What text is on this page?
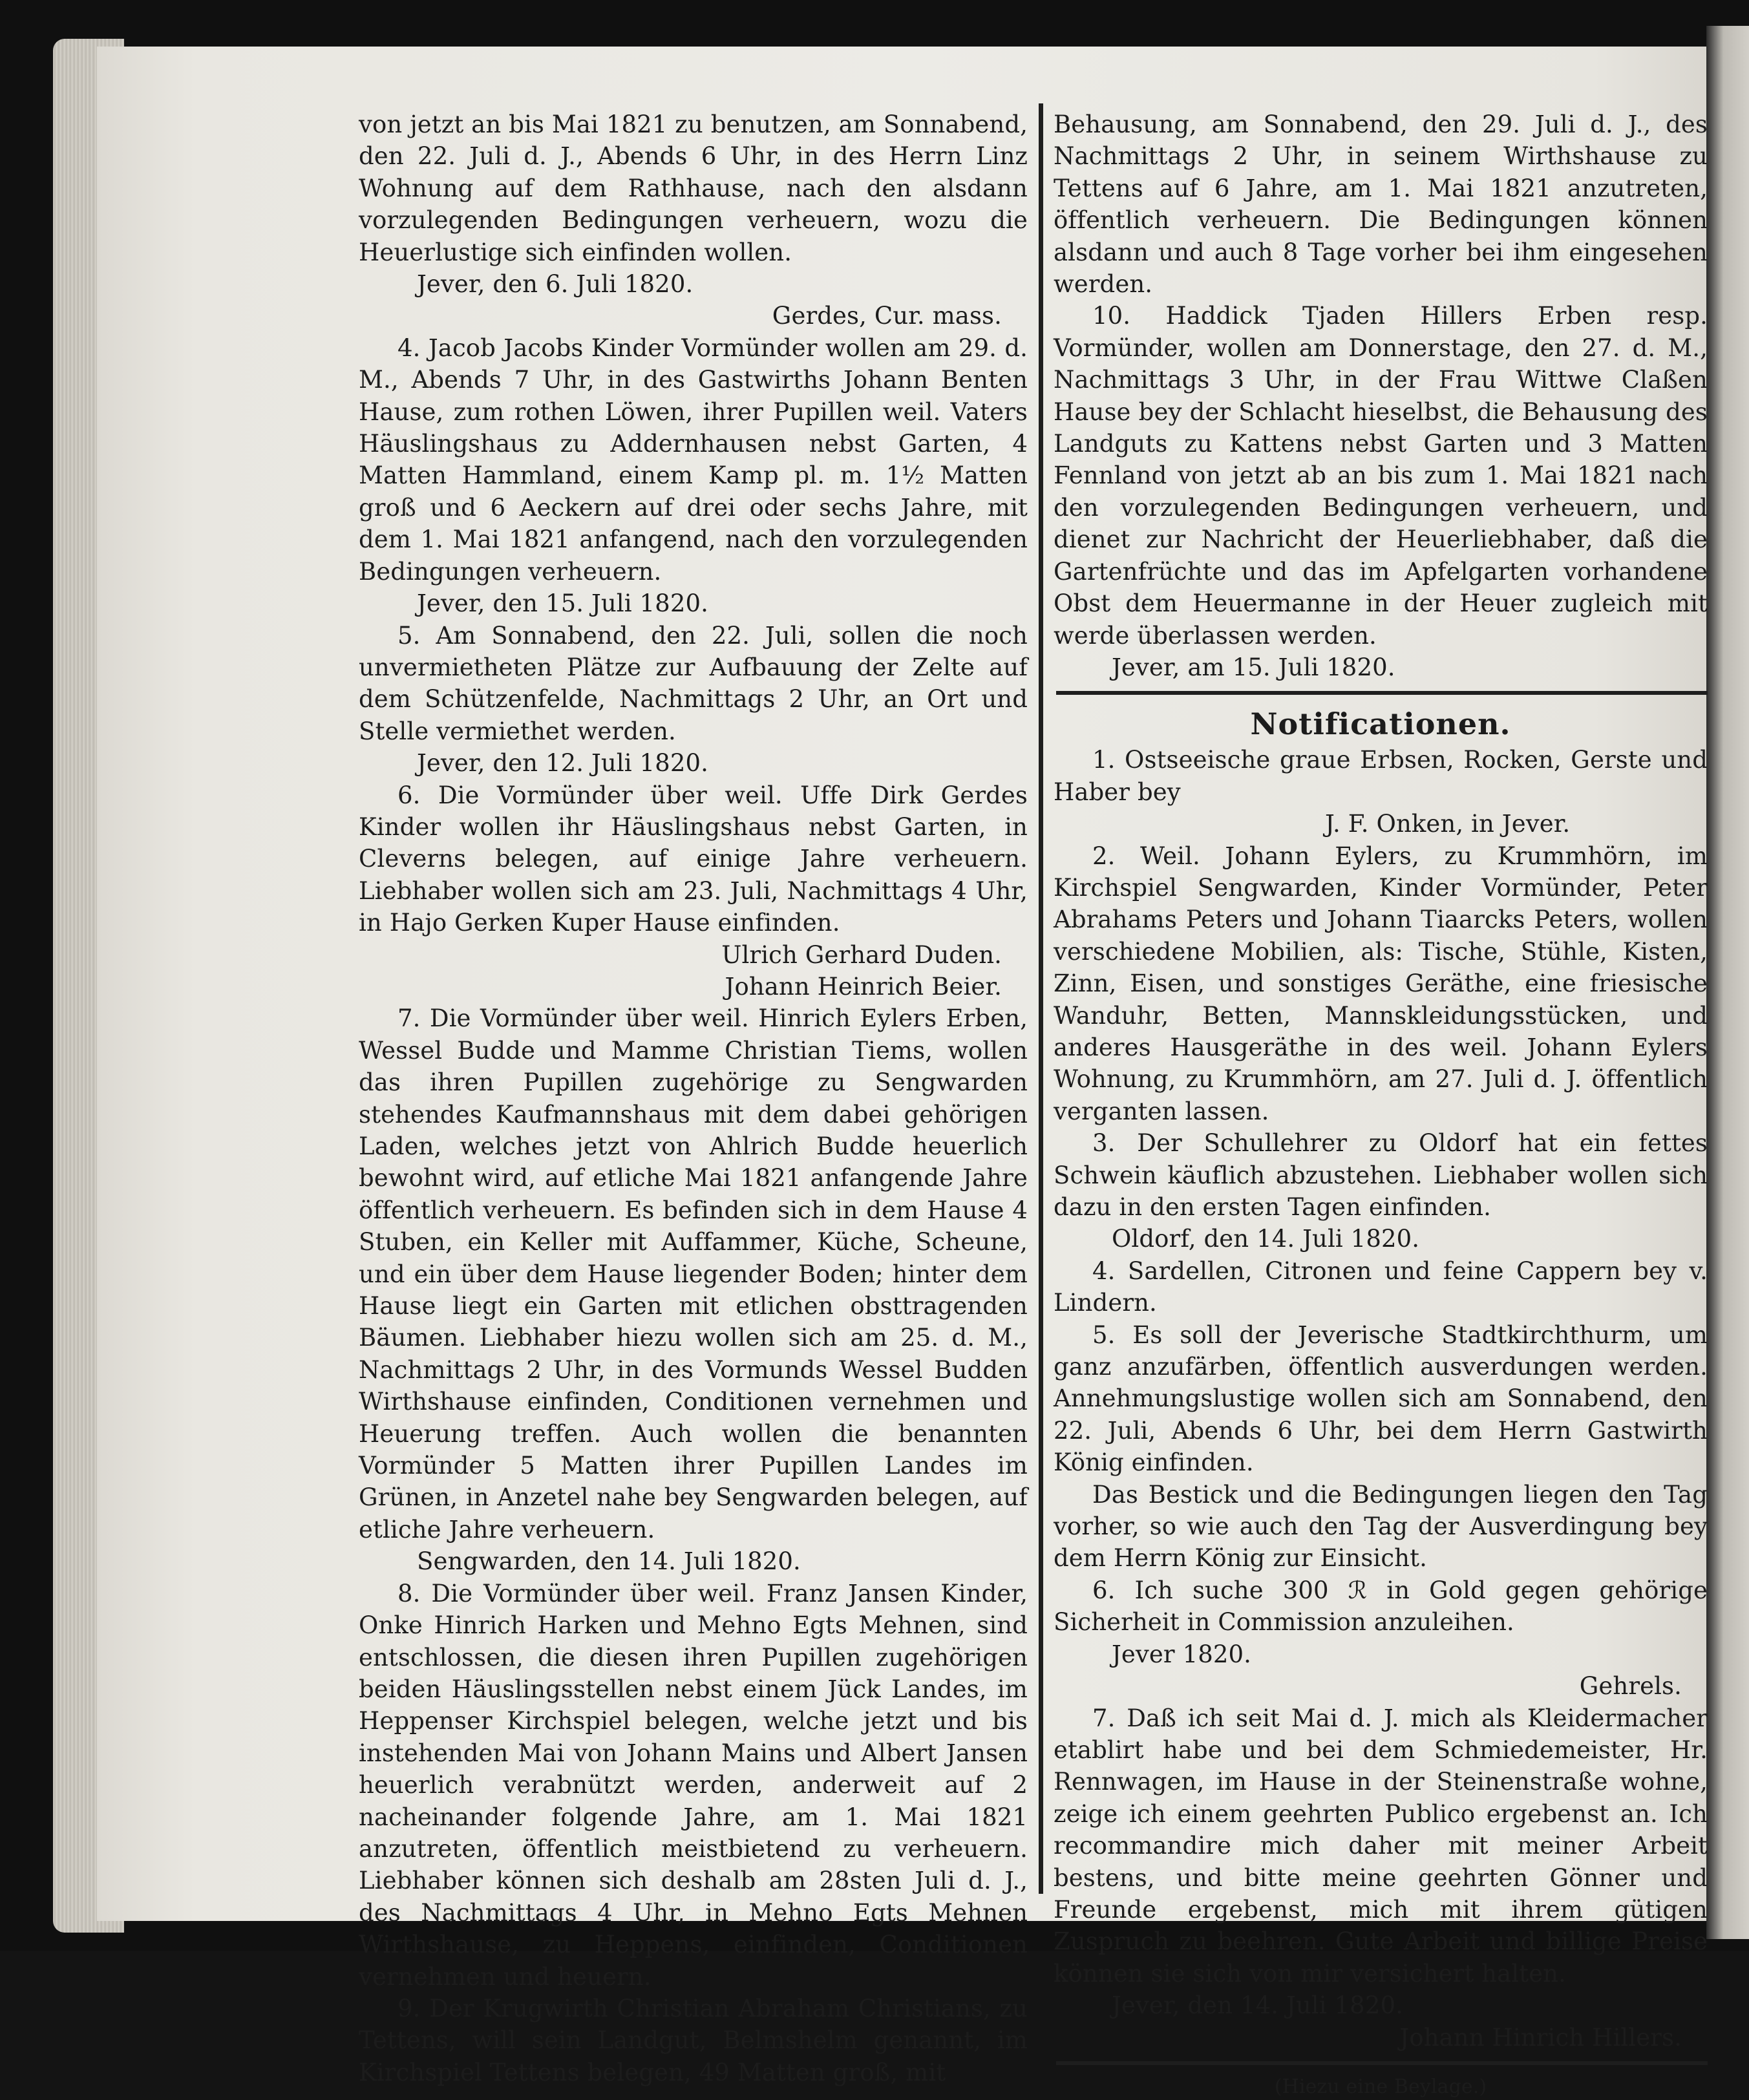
von jetzt an bis Mai 1821 zu benutzen, am Sonnabend, den 22. Juli d. J., Abends 6 Uhr, in des Herrn Linz Wohnung auf dem Rathhause, nach den alsdann vorzulegenden Bedingungen verheuern, wozu die Heuerlustige sich einfinden wollen.

Jever, den 6. Juli 1820.

Gerdes, Cur. mass.

4. Jacob Jacobs Kinder Vormünder wollen am 29. d. M., Abends 7 Uhr, in des Gastwirths Johann Benten Hause, zum rothen Löwen, ihrer Pupillen weil. Vaters Häuslingshaus zu Addernhausen nebst Garten, 4 Matten Hammland, einem Kamp pl. m. 1½ Matten groß und 6 Aeckern auf drei oder sechs Jahre, mit dem 1. Mai 1821 anfangend, nach den vorzulegenden Bedingungen verheuern.

Jever, den 15. Juli 1820.

5. Am Sonnabend, den 22. Juli, sollen die noch unvermietheten Plätze zur Aufbauung der Zelte auf dem Schützenfelde, Nachmittags 2 Uhr, an Ort und Stelle vermiethet werden.

Jever, den 12. Juli 1820.

6. Die Vormünder über weil. Uffe Dirk Gerdes Kinder wollen ihr Häuslingshaus nebst Garten, in Cleverns belegen, auf einige Jahre verheuern. Liebhaber wollen sich am 23. Juli, Nachmittags 4 Uhr, in Hajo Gerken Kuper Hause einfinden.

Ulrich Gerhard Duden.

Johann Heinrich Beier.

7. Die Vormünder über weil. Hinrich Eylers Erben, Wessel Budde und Mamme Christian Tiems, wollen das ihren Pupillen zugehörige zu Sengwarden stehendes Kaufmannshaus mit dem dabei gehörigen Laden, welches jetzt von Ahlrich Budde heuerlich bewohnt wird, auf etliche Mai 1821 anfangende Jahre öffentlich verheuern. Es befinden sich in dem Hause 4 Stuben, ein Keller mit Auffammer, Küche, Scheune, und ein über dem Hause liegender Boden; hinter dem Hause liegt ein Garten mit etlichen obsttragenden Bäumen. Liebhaber hiezu wollen sich am 25. d. M., Nachmittags 2 Uhr, in des Vormunds Wessel Budden Wirthshause einfinden, Conditionen vernehmen und Heuerung treffen. Auch wollen die benannten Vormünder 5 Matten ihrer Pupillen Landes im Grünen, in Anzetel nahe bey Sengwarden belegen, auf etliche Jahre verheuern.

Sengwarden, den 14. Juli 1820.

8. Die Vormünder über weil. Franz Jansen Kinder, Onke Hinrich Harken und Mehno Egts Mehnen, sind entschlossen, die diesen ihren Pupillen zugehörigen beiden Häuslingsstellen nebst einem Jück Landes, im Heppenser Kirchspiel belegen, welche jetzt und bis instehenden Mai von Johann Mains und Albert Jansen heuerlich verabnützt werden, anderweit auf 2 nacheinander folgende Jahre, am 1. Mai 1821 anzutreten, öffentlich meistbietend zu verheuern. Liebhaber können sich deshalb am 28sten Juli d. J., des Nachmittags 4 Uhr, in Mehno Egts Mehnen Wirthshause, zu Heppens, einfinden, Conditionen vernehmen und heuern.

9. Der Krugwirth Christian Abraham Christians, zu Tettens, will sein Landgut, Belmshelm genannt, im Kirchspiel Tettens belegen, 49 Matten groß, mit

Behausung, am Sonnabend, den 29. Juli d. J., des Nachmittags 2 Uhr, in seinem Wirthshause zu Tettens auf 6 Jahre, am 1. Mai 1821 anzutreten, öffentlich verheuern. Die Bedingungen können alsdann und auch 8 Tage vorher bei ihm eingesehen werden.

10. Haddick Tjaden Hillers Erben resp. Vormünder, wollen am Donnerstage, den 27. d. M., Nachmittags 3 Uhr, in der Frau Wittwe Claßen Hause bey der Schlacht hieselbst, die Behausung des Landguts zu Kattens nebst Garten und 3 Matten Fennland von jetzt ab an bis zum 1. Mai 1821 nach den vorzulegenden Bedingungen verheuern, und dienet zur Nachricht der Heuerliebhaber, daß die Gartenfrüchte und das im Apfelgarten vorhandene Obst dem Heuermanne in der Heuer zugleich mit werde überlassen werden.

Jever, am 15. Juli 1820.

Notificationen.

1. Ostseeische graue Erbsen, Rocken, Gerste und Haber bey

J. F. Onken, in Jever.

2. Weil. Johann Eylers, zu Krummhörn, im Kirchspiel Sengwarden, Kinder Vormünder, Peter Abrahams Peters und Johann Tiaarcks Peters, wollen verschiedene Mobilien, als: Tische, Stühle, Kisten, Zinn, Eisen, und sonstiges Geräthe, eine friesische Wanduhr, Betten, Mannskleidungsstücken, und anderes Hausgeräthe in des weil. Johann Eylers Wohnung, zu Krummhörn, am 27. Juli d. J. öffentlich verganten lassen.

3. Der Schullehrer zu Oldorf hat ein fettes Schwein käuflich abzustehen. Liebhaber wollen sich dazu in den ersten Tagen einfinden.

Oldorf, den 14. Juli 1820.

4. Sardellen, Citronen und feine Cappern bey v. Lindern.

5. Es soll der Jeverische Stadtkirchthurm, um ganz anzufärben, öffentlich ausverdungen werden. Annehmungslustige wollen sich am Sonnabend, den 22. Juli, Abends 6 Uhr, bei dem Herrn Gastwirth König einfinden.

Das Bestick und die Bedingungen liegen den Tag vorher, so wie auch den Tag der Ausverdingung bey dem Herrn König zur Einsicht.

6. Ich suche 300 ℛ in Gold gegen gehörige Sicherheit in Commission anzuleihen.

Jever 1820.

Gehrels.

7. Daß ich seit Mai d. J. mich als Kleidermacher etablirt habe und bei dem Schmiedemeister, Hr. Rennwagen, im Hause in der Steinenstraße wohne, zeige ich einem geehrten Publico ergebenst an. Ich recommandire mich daher mit meiner Arbeit bestens, und bitte meine geehrten Gönner und Freunde ergebenst, mich mit ihrem gütigen Zuspruch zu beehren. Gute Arbeit und billige Preise können sie sich von mir versichert halten.

Jever, den 14. Juli 1820.

Johann Hinrich Hillers.

(Hiezu eine Beylage.)
